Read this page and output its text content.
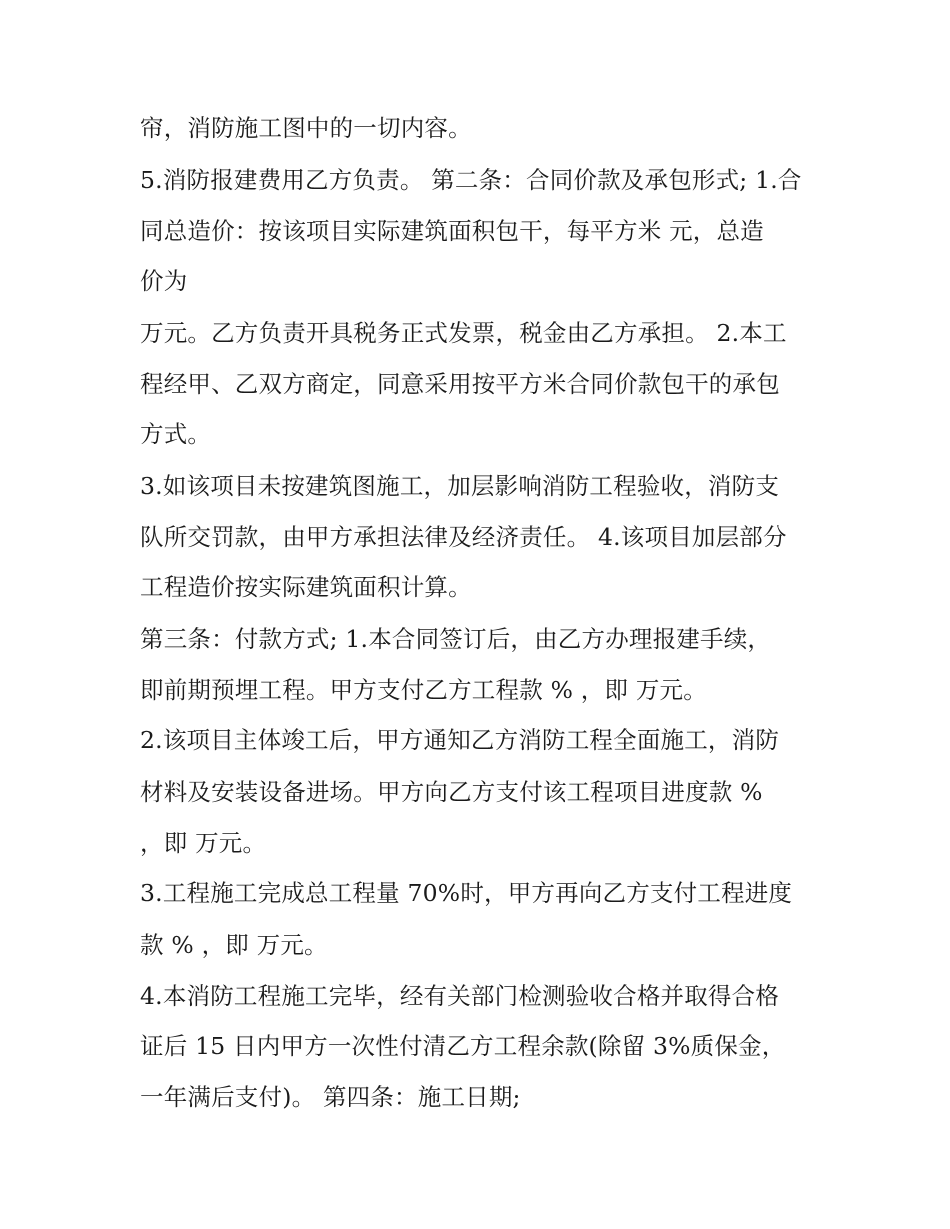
帘，消防施工图中的一切内容。
5.消防报建费用乙方负责。 第二条：合同价款及承包形式; 1.合
同总造价：按该项目实际建筑面积包干，每平方米 元，总造
价为
万元。乙方负责开具税务正式发票，税金由乙方承担。 2.本工
程经甲、乙双方商定，同意采用按平方米合同价款包干的承包
方式。
3.如该项目未按建筑图施工，加层影响消防工程验收，消防支
队所交罚款，由甲方承担法律及经济责任。 4.该项目加层部分
工程造价按实际建筑面积计算。
第三条：付款方式; 1.本合同签订后，由乙方办理报建手续，
即前期预埋工程。甲方支付乙方工程款 % ，即 万元。
2.该项目主体竣工后，甲方通知乙方消防工程全面施工，消防
材料及安装设备进场。甲方向乙方支付该工程项目进度款 %
，即 万元。
3.工程施工完成总工程量 70%时，甲方再向乙方支付工程进度
款 % ，即 万元。
4.本消防工程施工完毕，经有关部门检测验收合格并取得合格
证后 15 日内甲方一次性付清乙方工程余款(除留 3%质保金，
一年满后支付)。 第四条：施工日期;
